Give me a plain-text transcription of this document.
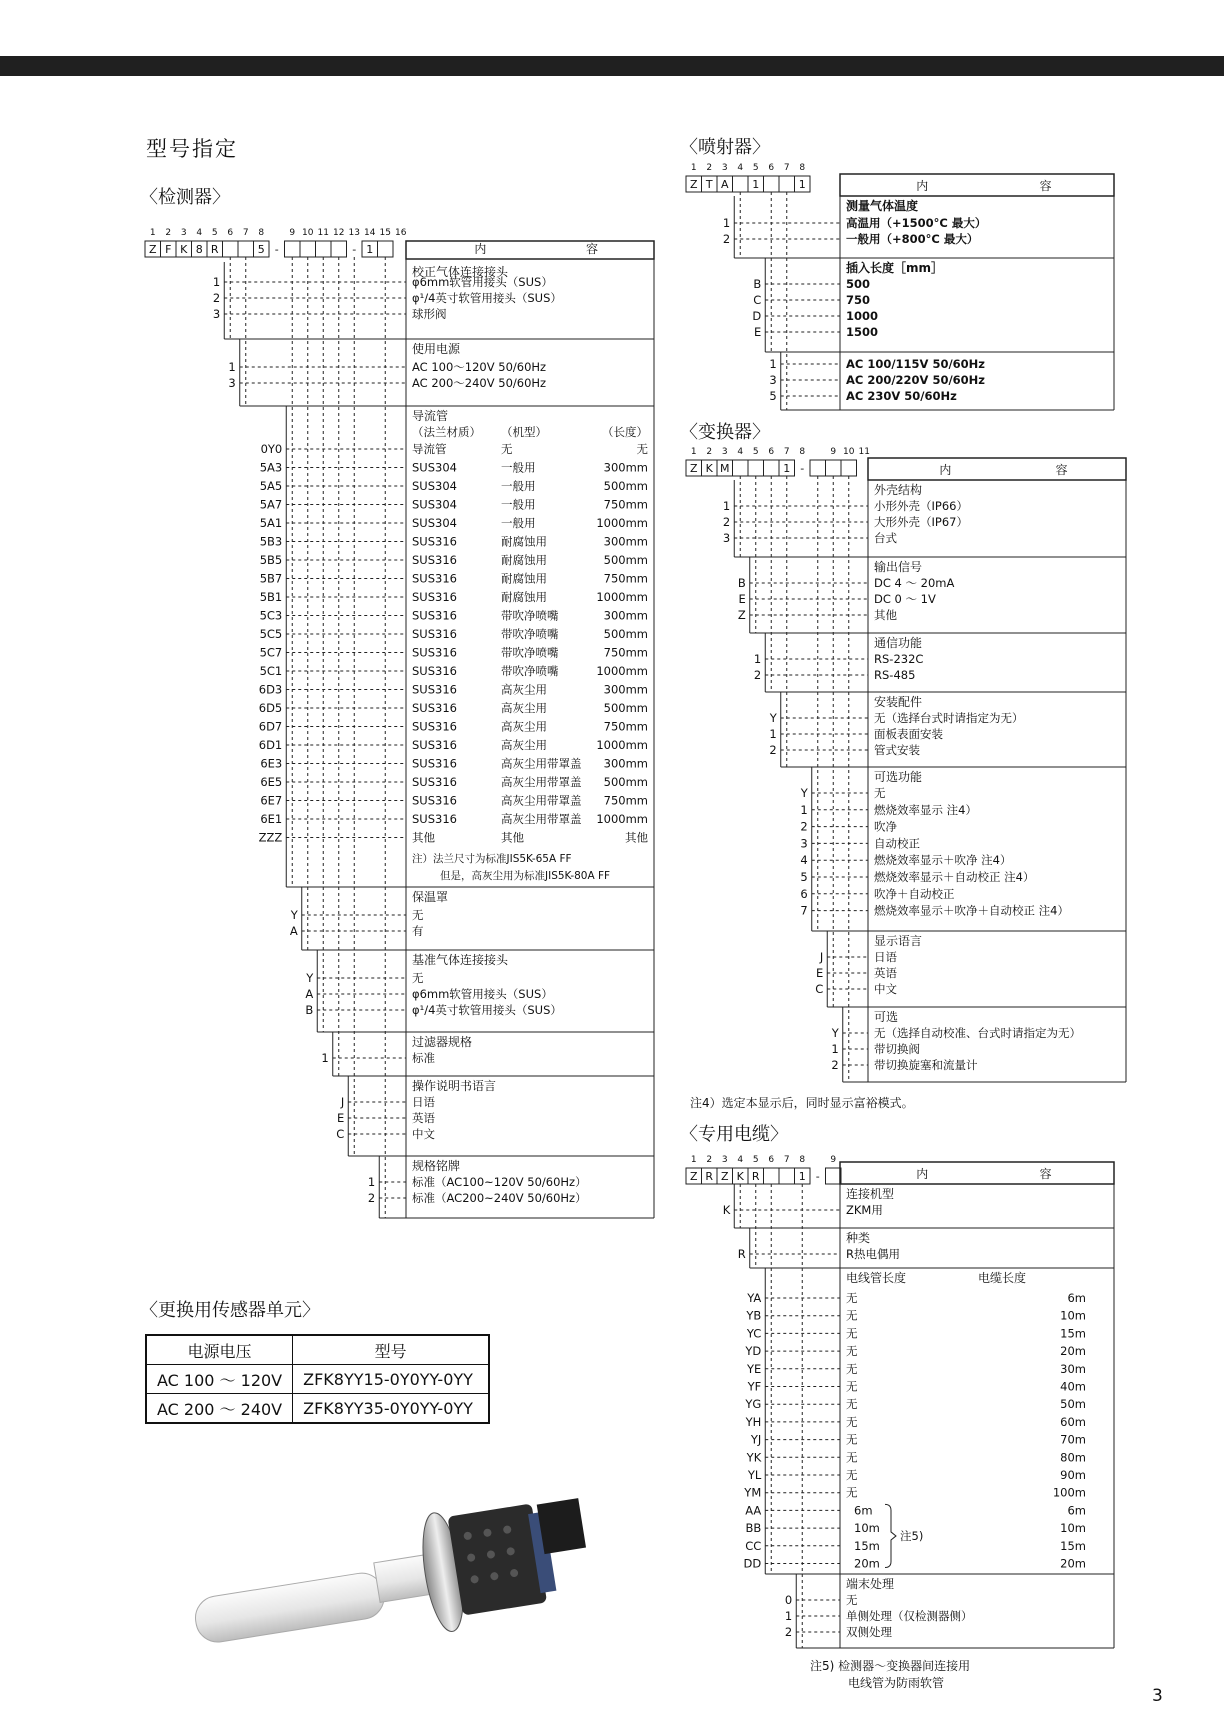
型号指定
〈检测器〉
〈喷射器〉
〈变换器〉
〈专用电缆〉
〈更换用传感器单元〉
1 2 3 4 5 6 7 8	9 10 11 12 13 14 15 16
Z F K 8 R	5 -	- 1	内	容
校正气体连接接头
1	φ6mm软管用接头（SUS）
2	φ¹/4英寸软管用接头（SUS）
3	球形阀
使用电源
1	AC 100～120V 50/60Hz
3	AC 200～240V 50/60Hz
导流管
（法兰材质） （机型）	（长度）
0Y0	导流管	无	无
5A3	SUS304	一般用	300mm
5A5	SUS304	一般用	500mm
5A7	SUS304	一般用	750mm
5A1	SUS304	一般用	1000mm
5B3	SUS316	耐腐蚀用	300mm
5B5	SUS316	耐腐蚀用	500mm
5B7	SUS316	耐腐蚀用	750mm
5B1	SUS316	耐腐蚀用	1000mm
5C3	SUS316	带吹净喷嘴	300mm
5C5	SUS316	带吹净喷嘴	500mm
5C7	SUS316	带吹净喷嘴	750mm
5C1	SUS316	带吹净喷嘴	1000mm
6D3	SUS316	高灰尘用	300mm
6D5	SUS316	高灰尘用	500mm
6D7	SUS316	高灰尘用	750mm
6D1	SUS316	高灰尘用	1000mm
6E3	SUS316	高灰尘用带罩盖 300mm
6E5	SUS316	高灰尘用带罩盖 500mm
6E7	SUS316	高灰尘用带罩盖 750mm
6E1	SUS316	高灰尘用带罩盖 1000mm
ZZZ	其他	其他	其他
注）法兰尺寸为标准JIS5K-65A FF
但是，高灰尘用为标准JIS5K-80A FF
保温罩
Y	无
A	有
基准气体连接接头
Y	无
A	φ6mm软管用接头（SUS）
B	φ¹/4英寸软管用接头（SUS）
过滤器规格
1	标准
操作说明书语言
J	日语
E	英语
C	中文
规格铭牌
1	标准（AC100~120V 50/60Hz）
2	标准（AC200~240V 50/60Hz）
1 2 3 4 5 6 7 8
Z T A 1	1	内	容
测量气体温度
1	高温用（+1500°C 最大）
2	一般用（+800°C 最大）
插入长度［mm］
B	500
C	750
D	1000
E	1500
1	AC 100/115V 50/60Hz
3	AC 200/220V 50/60Hz
5	AC 230V 50/60Hz
1 2 3 4 5 6 7 8	9 10 11
Z K M	1 -	内	容
外壳结构
1	小形外壳（IP66）
2	大形外壳（IP67）
3	台式
输出信号
B	DC 4 ～ 20mA
E	DC 0 ～ 1V
Z	其他
通信功能
1	RS-232C
2	RS-485
安装配件
Y	无（选择台式时请指定为无）
1	面板表面安装
2	管式安装
可选功能
Y	无
1	燃烧效率显示 注4）
2	吹净
3	自动校正
4	燃烧效率显示＋吹净 注4）
5	燃烧效率显示＋自动校正 注4）
6	吹净＋自动校正
7	燃烧效率显示＋吹净＋自动校正 注4）
显示语言
J	日语
E	英语
C	中文
可选
Y	无（选择自动校准、台式时请指定为无）
1	带切换阀
2	带切换旋塞和流量计
1 2 3 4 5 6 7 8	9
Z R Z K R	1 -	内	容
连接机型
K	ZKM用
种类
R	R热电偶用
电线管长度	电缆长度
YA	无	6m
YB	无	10m
YC	无	15m
YD	无	20m
YE	无	30m
YF	无	40m
YG	无	50m
YH	无	60m
YJ	无	70m
YK	无	80m
YL	无	90m
YM	无	100m
AA	6m	6m
BB	10m	10m
CC	15m	15m
DD	20m	20m
注5)
端末处理
0	无
1	单侧处理（仅检测器侧）
2	双侧处理
注4）选定本显示后，同时显示富裕模式。
注5) 检测器～变换器间连接用
电线管为防雨软管
电源电压	型号
AC 100 ～ 120V	ZFK8YY15-0Y0YY-0YY
AC 200 ～ 240V	ZFK8YY35-0Y0YY-0YY
3
